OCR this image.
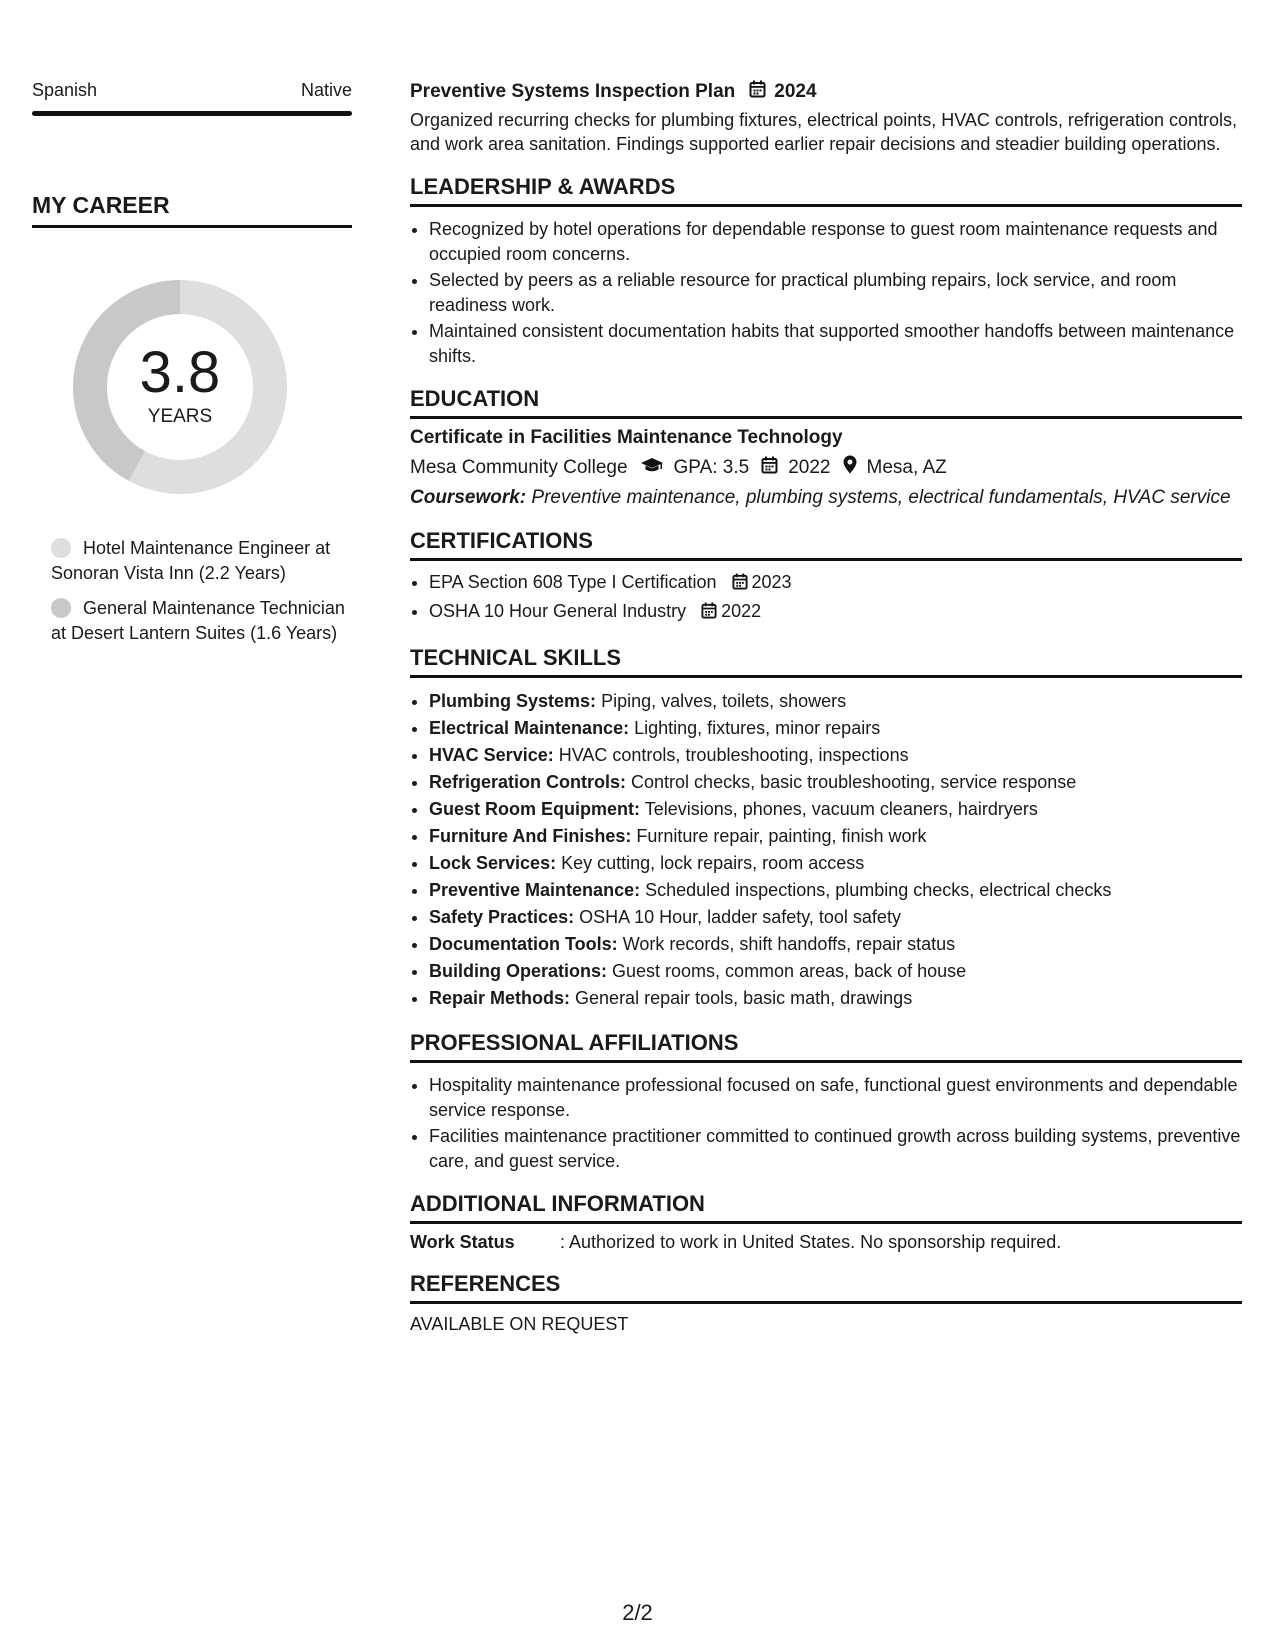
Spanish	Native
MY CAREER
3.8
YEARS
Hotel Maintenance Engineer at Sonoran Vista Inn (2.2 Years)
General Maintenance Technician at Desert Lantern Suites (1.6 Years)
Preventive Systems Inspection Plan 2024
Organized recurring checks for plumbing fixtures, electrical points, HVAC controls, refrigeration controls, and work area sanitation. Findings supported earlier repair decisions and steadier building operations.
LEADERSHIP & AWARDS
• Recognized by hotel operations for dependable response to guest room maintenance requests and occupied room concerns.
• Selected by peers as a reliable resource for practical plumbing repairs, lock service, and room readiness work.
• Maintained consistent documentation habits that supported smoother handoffs between maintenance shifts.
EDUCATION
Certificate in Facilities Maintenance Technology
Mesa Community College GPA: 3.5 2022 Mesa, AZ
Coursework: Preventive maintenance, plumbing systems, electrical fundamentals, HVAC service
CERTIFICATIONS
• EPA Section 608 Type I Certification 2023
• OSHA 10 Hour General Industry 2022
TECHNICAL SKILLS
• Plumbing Systems: Piping, valves, toilets, showers
• Electrical Maintenance: Lighting, fixtures, minor repairs
• HVAC Service: HVAC controls, troubleshooting, inspections
• Refrigeration Controls: Control checks, basic troubleshooting, service response
• Guest Room Equipment: Televisions, phones, vacuum cleaners, hairdryers
• Furniture And Finishes: Furniture repair, painting, finish work
• Lock Services: Key cutting, lock repairs, room access
• Preventive Maintenance: Scheduled inspections, plumbing checks, electrical checks
• Safety Practices: OSHA 10 Hour, ladder safety, tool safety
• Documentation Tools: Work records, shift handoffs, repair status
• Building Operations: Guest rooms, common areas, back of house
• Repair Methods: General repair tools, basic math, drawings
PROFESSIONAL AFFILIATIONS
• Hospitality maintenance professional focused on safe, functional guest environments and dependable service response.
• Facilities maintenance practitioner committed to continued growth across building systems, preventive care, and guest service.
ADDITIONAL INFORMATION
Work Status	: Authorized to work in United States. No sponsorship required.
REFERENCES
AVAILABLE ON REQUEST
2/2
